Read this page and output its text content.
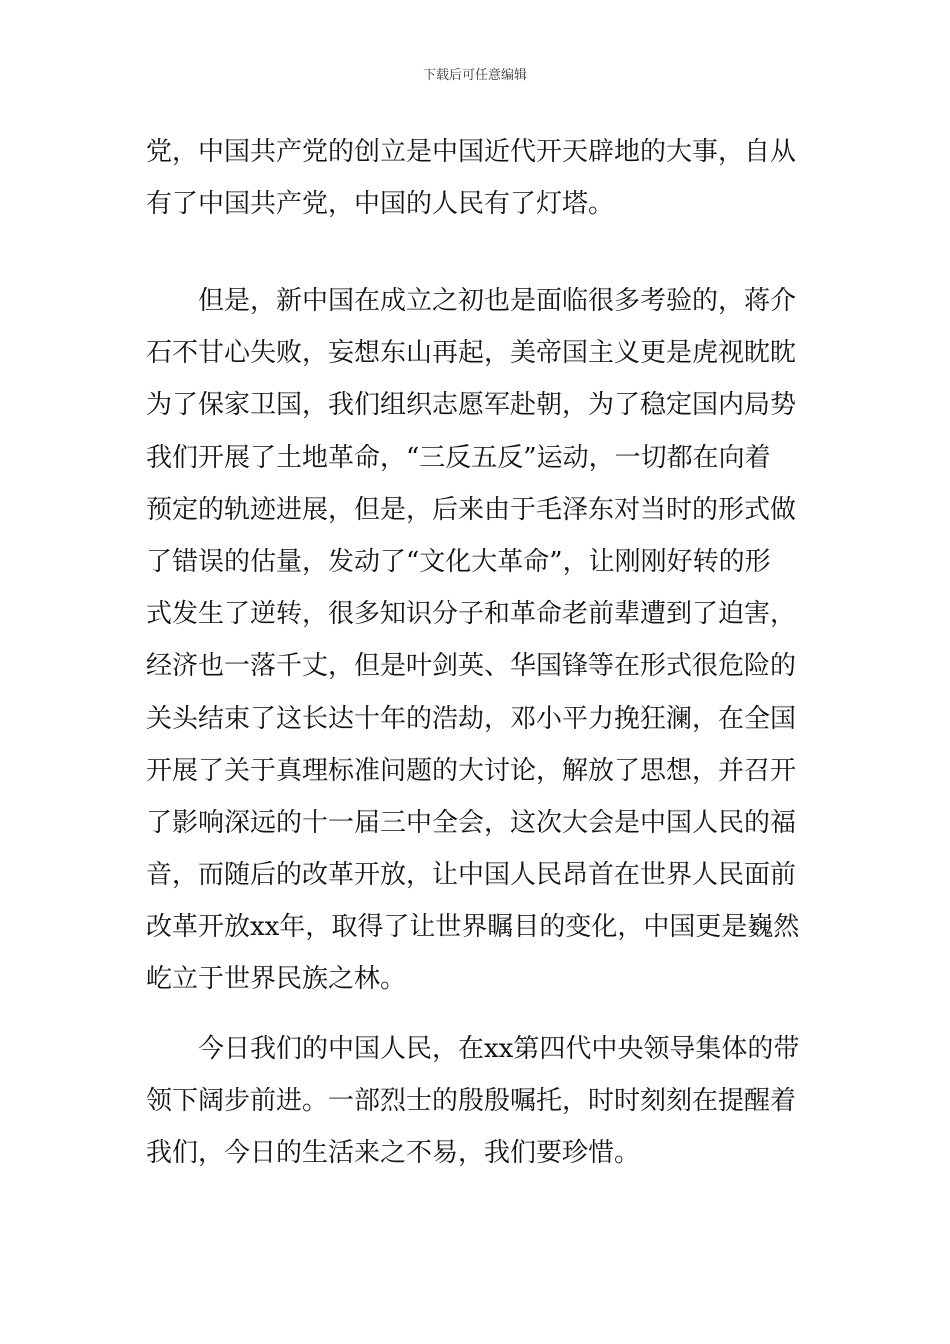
下载后可任意编辑
党，中国共产党的创立是中国近代开天辟地的大事，自从
有了中国共产党，中国的人民有了灯塔。
　　但是，新中国在成立之初也是面临很多考验的，蒋介
石不甘心失败，妄想东山再起，美帝国主义更是虎视眈眈
为了保家卫国，我们组织志愿军赴朝，为了稳定国内局势
我们开展了土地革命，“三反五反”运动，一切都在向着
预定的轨迹进展，但是，后来由于毛泽东对当时的形式做
了错误的估量，发动了“文化大革命”，让刚刚好转的形
式发生了逆转，很多知识分子和革命老前辈遭到了迫害，
经济也一落千丈，但是叶剑英、华国锋等在形式很危险的
关头结束了这长达十年的浩劫，邓小平力挽狂澜，在全国
开展了关于真理标准问题的大讨论，解放了思想，并召开
了影响深远的十一届三中全会，这次大会是中国人民的福
音，而随后的改革开放，让中国人民昂首在世界人民面前
改革开放xx年，取得了让世界瞩目的变化，中国更是巍然
屹立于世界民族之林。
　　今日我们的中国人民，在xx第四代中央领导集体的带
领下阔步前进。一部烈士的殷殷嘱托，时时刻刻在提醒着
我们，今日的生活来之不易，我们要珍惜。
